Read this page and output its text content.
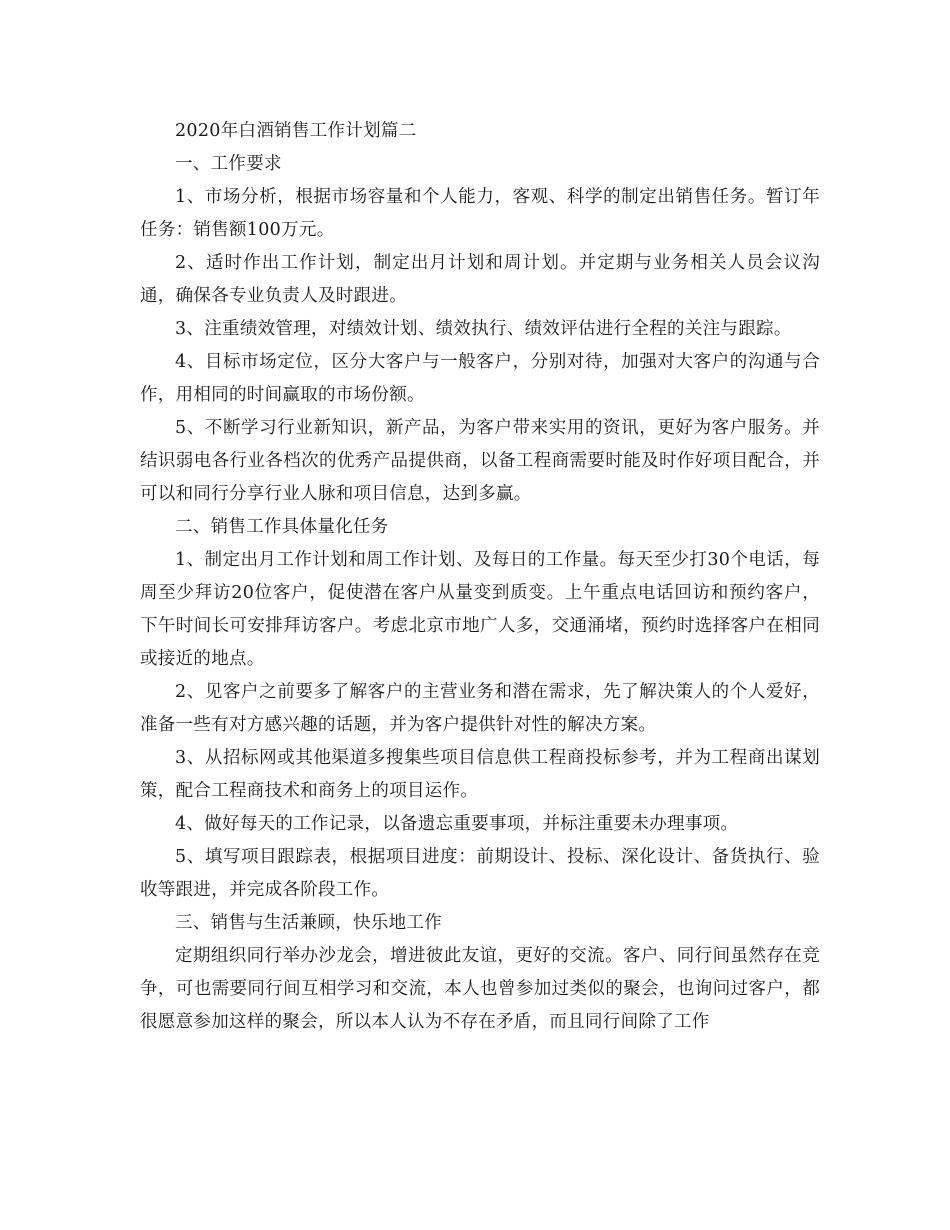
2020年白酒销售工作计划篇二

一、工作要求

1、市场分析，根据市场容量和个人能力，客观、科学的制定出销售任务。暂订年任务：销售额100万元。

2、适时作出工作计划，制定出月计划和周计划。并定期与业务相关人员会议沟通，确保各专业负责人及时跟进。

3、注重绩效管理，对绩效计划、绩效执行、绩效评估进行全程的关注与跟踪。

4、目标市场定位，区分大客户与一般客户，分别对待，加强对大客户的沟通与合作，用相同的时间赢取的市场份额。

5、不断学习行业新知识，新产品，为客户带来实用的资讯，更好为客户服务。并结识弱电各行业各档次的优秀产品提供商，以备工程商需要时能及时作好项目配合，并可以和同行分享行业人脉和项目信息，达到多赢。

二、销售工作具体量化任务

1、制定出月工作计划和周工作计划、及每日的工作量。每天至少打30个电话，每周至少拜访20位客户，促使潜在客户从量变到质变。上午重点电话回访和预约客户，下午时间长可安排拜访客户。考虑北京市地广人多，交通涌堵，预约时选择客户在相同或接近的地点。

2、见客户之前要多了解客户的主营业务和潜在需求，先了解决策人的个人爱好，准备一些有对方感兴趣的话题，并为客户提供针对性的解决方案。

3、从招标网或其他渠道多搜集些项目信息供工程商投标参考，并为工程商出谋划策，配合工程商技术和商务上的项目运作。

4、做好每天的工作记录，以备遗忘重要事项，并标注重要未办理事项。

5、填写项目跟踪表，根据项目进度：前期设计、投标、深化设计、备货执行、验收等跟进，并完成各阶段工作。

三、销售与生活兼顾，快乐地工作

定期组织同行举办沙龙会，增进彼此友谊，更好的交流。客户、同行间虽然存在竞争，可也需要同行间互相学习和交流，本人也曾参加过类似的聚会，也询问过客户，都很愿意参加这样的聚会，所以本人认为不存在矛盾，而且同行间除了工作
